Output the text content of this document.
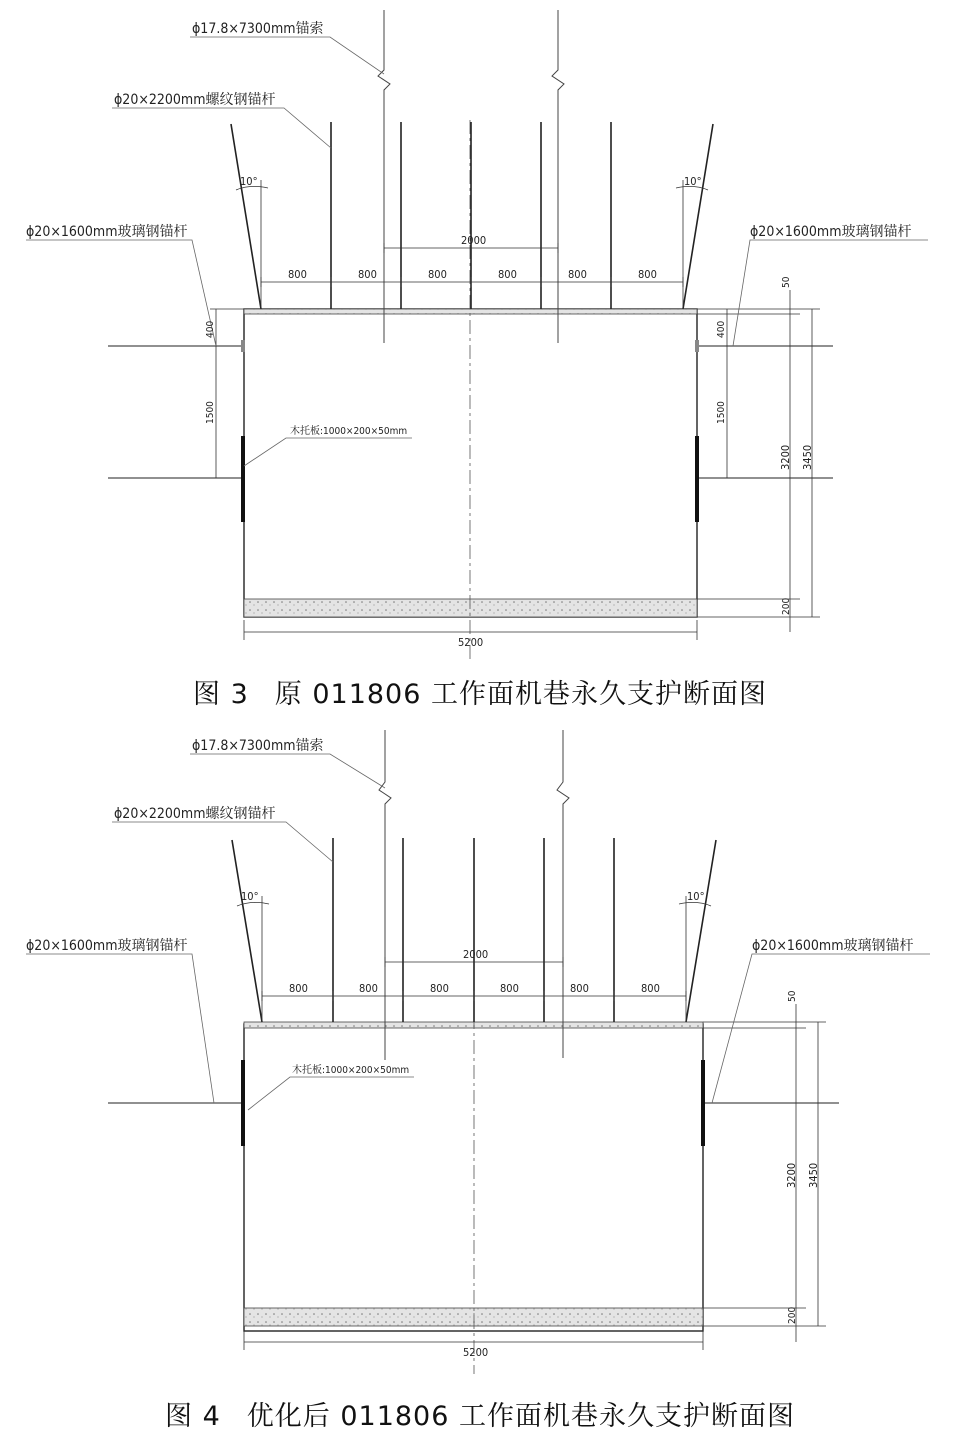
ϕ17.8×7300mm锚索
ϕ20×2200mm螺纹钢锚杆
ϕ20×1600mm玻璃钢锚杆	ϕ20×1600mm玻璃钢锚杆
木托板:1000×200×50mm
10°	10°
2000
800	800	800	800	800	800
5200
50
3200 3450
200
400
1500
400
1500
图 3 原 011806 工作面机巷永久支护断面图
ϕ17.8×7300mm锚索
ϕ20×2200mm螺纹钢锚杆
ϕ20×1600mm玻璃钢锚杆	ϕ20×1600mm玻璃钢锚杆
木托板:1000×200×50mm
10°	10°
2000
800	800	800	800	800	800
5200
50
3200 3450
200
图 4 优化后 011806 工作面机巷永久支护断面图
